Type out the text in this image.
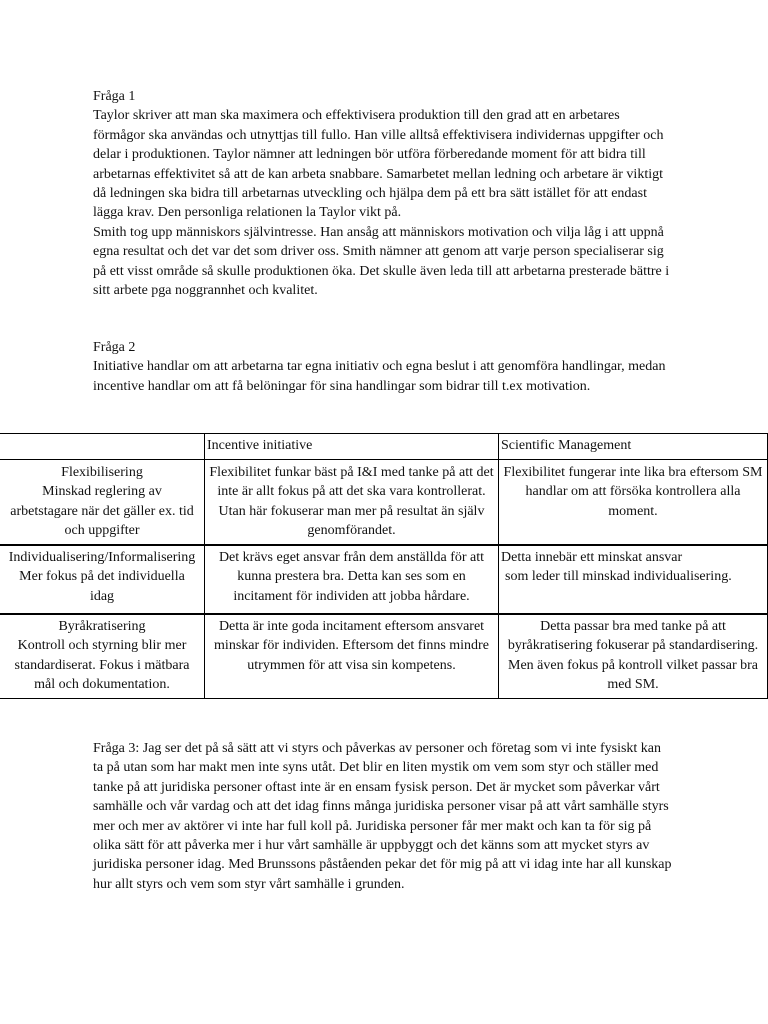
Fråga 1

Taylor skriver att man ska maximera och effektivisera produktion till den grad att en arbetares förmågor ska användas och utnyttjas till fullo. Han ville alltså effektivisera individernas uppgifter och delar i produktionen. Taylor nämner att ledningen bör utföra förberedande moment för att bidra till arbetarnas effektivitet så att de kan arbeta snabbare. Samarbetet mellan ledning och arbetare är viktigt då ledningen ska bidra till arbetarnas utveckling och hjälpa dem på ett bra sätt istället för att endast lägga krav. Den personliga relationen la Taylor vikt på.

Smith tog upp människors självintresse. Han ansåg att människors motivation och vilja låg i att uppnå egna resultat och det var det som driver oss. Smith nämner att genom att varje person specialiserar sig på ett visst område så skulle produktionen öka. Det skulle även leda till att arbetarna presterade bättre i sitt arbete pga noggrannhet och kvalitet.

Fråga 2

Initiative handlar om att arbetarna tar egna initiativ och egna beslut i att genomföra handlingar, medan incentive handlar om att få belöningar för sina handlingar som bidrar till t.ex motivation.

	Incentive initiative	Scientific Management

Flexibilisering
Minskad reglering av
arbetstagare när det gäller ex. tid
och uppgifter	Flexibilitet funkar bäst på I&I med tanke på att det inte är allt fokus på att det ska vara kontrollerat. Utan här fokuserar man mer på resultat än själv genomförandet.	Flexibilitet fungerar inte lika bra eftersom SM handlar om att försöka kontrollera alla moment.

Individualisering/Informalisering
Mer fokus på det individuella
idag	Det krävs eget ansvar från dem anställda för att kunna prestera bra. Detta kan ses som en incitament för individen att jobba hårdare.	Detta innebär ett minskat ansvar
som leder till minskad individualisering.

Byråkratisering
Kontroll och styrning blir mer
standardiserat. Fokus i mätbara
mål och dokumentation.	Detta är inte goda incitament eftersom ansvaret minskar för individen. Eftersom det finns mindre utrymmen för att visa sin kompetens.	Detta passar bra med tanke på att byråkratisering fokuserar på standardisering. Men även fokus på kontroll vilket passar bra med SM.

Fråga 3: Jag ser det på så sätt att vi styrs och påverkas av personer och företag som vi inte fysiskt kan ta på utan som har makt men inte syns utåt. Det blir en liten mystik om vem som styr och ställer med tanke på att juridiska personer oftast inte är en ensam fysisk person. Det är mycket som påverkar vårt samhälle och vår vardag och att det idag finns många juridiska personer visar på att vårt samhälle styrs mer och mer av aktörer vi inte har full koll på. Juridiska personer får mer makt och kan ta för sig på olika sätt för att påverka mer i hur vårt samhälle är uppbyggt och det känns som att mycket styrs av juridiska personer idag. Med Brunssons påståenden pekar det för mig på att vi idag inte har all kunskap hur allt styrs och vem som styr vårt samhälle i grunden.
